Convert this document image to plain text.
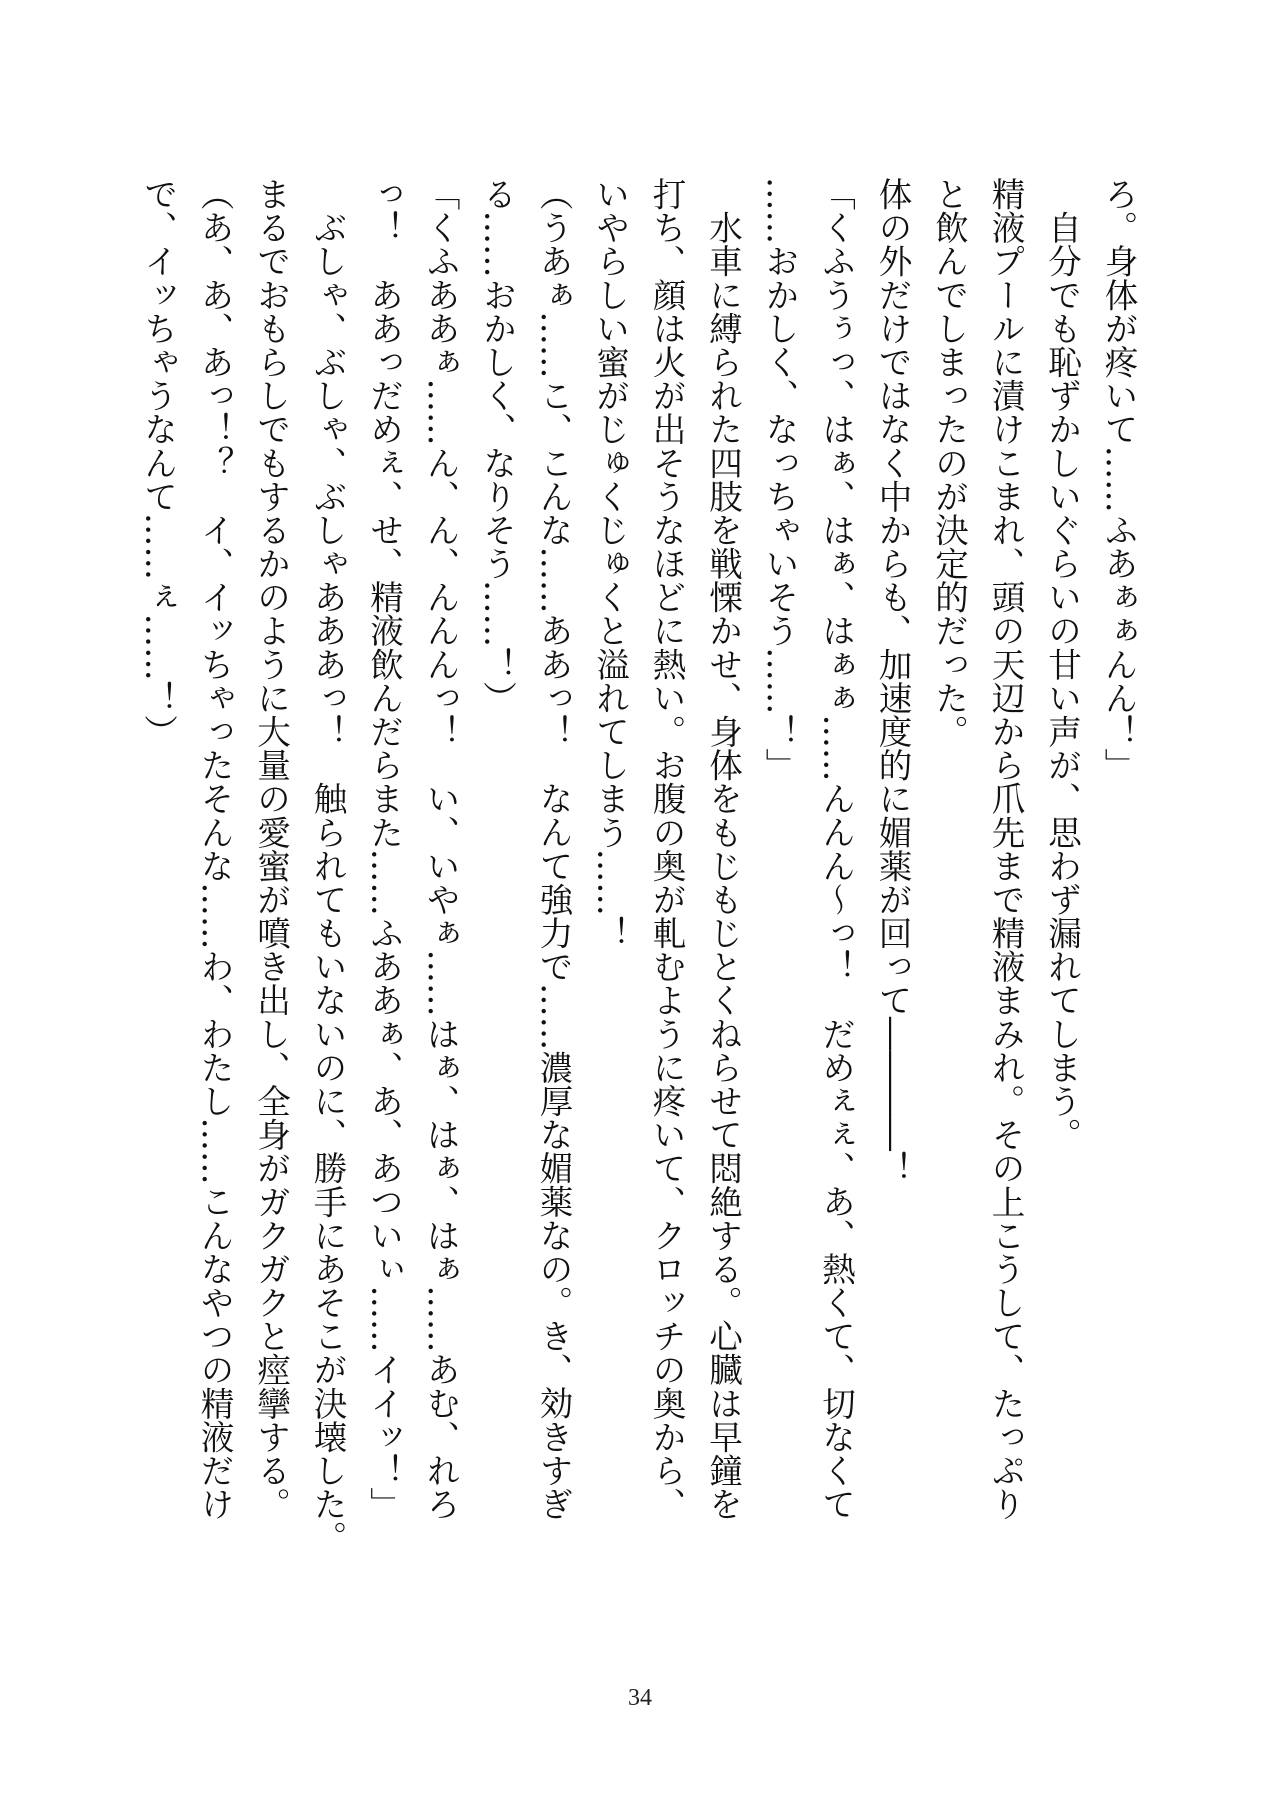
ろ。身体が疼いて……ふあぁぁんん！」
　自分でも恥ずかしいぐらいの甘い声が、思わず漏れてしまう。
精液プールに漬けこまれ、頭の天辺から爪先まで精液まみれ。その上こうして、たっぷり
と飲んでしまったのが決定的だった。
体の外だけではなく中からも、加速度的に媚薬が回って――――！
「くふうぅっ、はぁ、はぁ、はぁぁ……んんん～っ！　だめぇぇ、あ、熱くて、切なくて
……おかしく、なっちゃいそう……！」
　水車に縛られた四肢を戦慄かせ、身体をもじもじとくねらせて悶絶する。心臓は早鐘を
打ち、顔は火が出そうなほどに熱い。お腹の奥が軋むように疼いて、クロッチの奥から、
いやらしい蜜がじゅくじゅくと溢れてしまう……！
（うあぁ……こ、こんな……ああっ！　なんて強力で……濃厚な媚薬なの。き、効きすぎ
る……おかしく、なりそう……！）
「くふああぁ……ん、ん、んんんっ！　い、いやぁ……はぁ、はぁ、はぁ……あむ、れろ
っ！　ああっだめぇ、せ、精液飲んだらまた……ふああぁ、あ、あついぃ……イイッ！」
　ぶしゃ、ぶしゃ、ぶしゃあああっ！　触られてもいないのに、勝手にあそこが決壊した。
まるでおもらしでもするかのように大量の愛蜜が噴き出し、全身がガクガクと痙攣する。
（あ、あ、あっ！？　イ、イッちゃったそんな……わ、わたし……こんなやつの精液だけ
で、イッちゃうなんて……ぇ……！）
34
